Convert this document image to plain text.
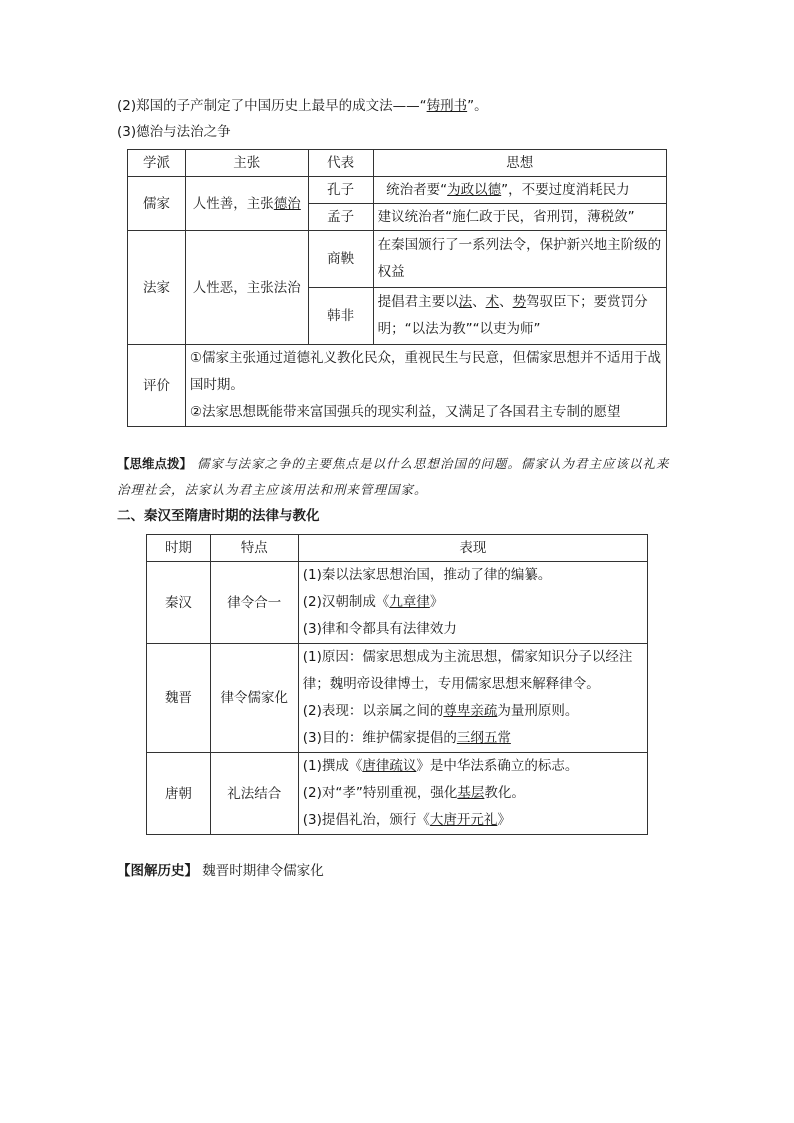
(2)郑国的子产制定了中国历史上最早的成文法——“铸刑书”。
(3)德治与法治之争
学派	主张	代表	思想
儒家	人性善，主张德治	孔子	统治者要“为政以德”，不要过度消耗民力
		孟子	建议统治者“施仁政于民，省刑罚，薄税敛”
法家	人性恶，主张法治	商鞅	在秦国颁行了一系列法令，保护新兴地主阶级的权益
		韩非	提倡君主要以法、术、势驾驭臣下；要赏罚分明；“以法为教”“以吏为师”
评价	①儒家主张通过道德礼义教化民众，重视民生与民意，但儒家思想并不适用于战国时期。
②法家思想既能带来富国强兵的现实利益，又满足了各国君主专制的愿望		
【思维点拨】 儒家与法家之争的主要焦点是以什么思想治国的问题。儒家认为君主应该以礼来
治理社会，法家认为君主应该用法和刑来管理国家。
二、秦汉至隋唐时期的法律与教化
时期	特点	表现
秦汉	律令合一	(1)秦以法家思想治国，推动了律的编纂。
(2)汉朝制成《九章律》
(3)律和令都具有法律效力

魏晋	律令儒家化	(1)原因：儒家思想成为主流思想，儒家知识分子以经注律；魏明帝设律博士，专用儒家思想来解释律令。
(2)表现：以亲属之间的尊卑亲疏为量刑原则。
(3)目的：维护儒家提倡的三纲五常

唐朝	礼法结合	(1)撰成《唐律疏议》是中华法系确立的标志。
(2)对“孝”特别重视，强化基层教化。
(3)提倡礼治，颁行《大唐开元礼》
【图解历史】 魏晋时期律令儒家化
